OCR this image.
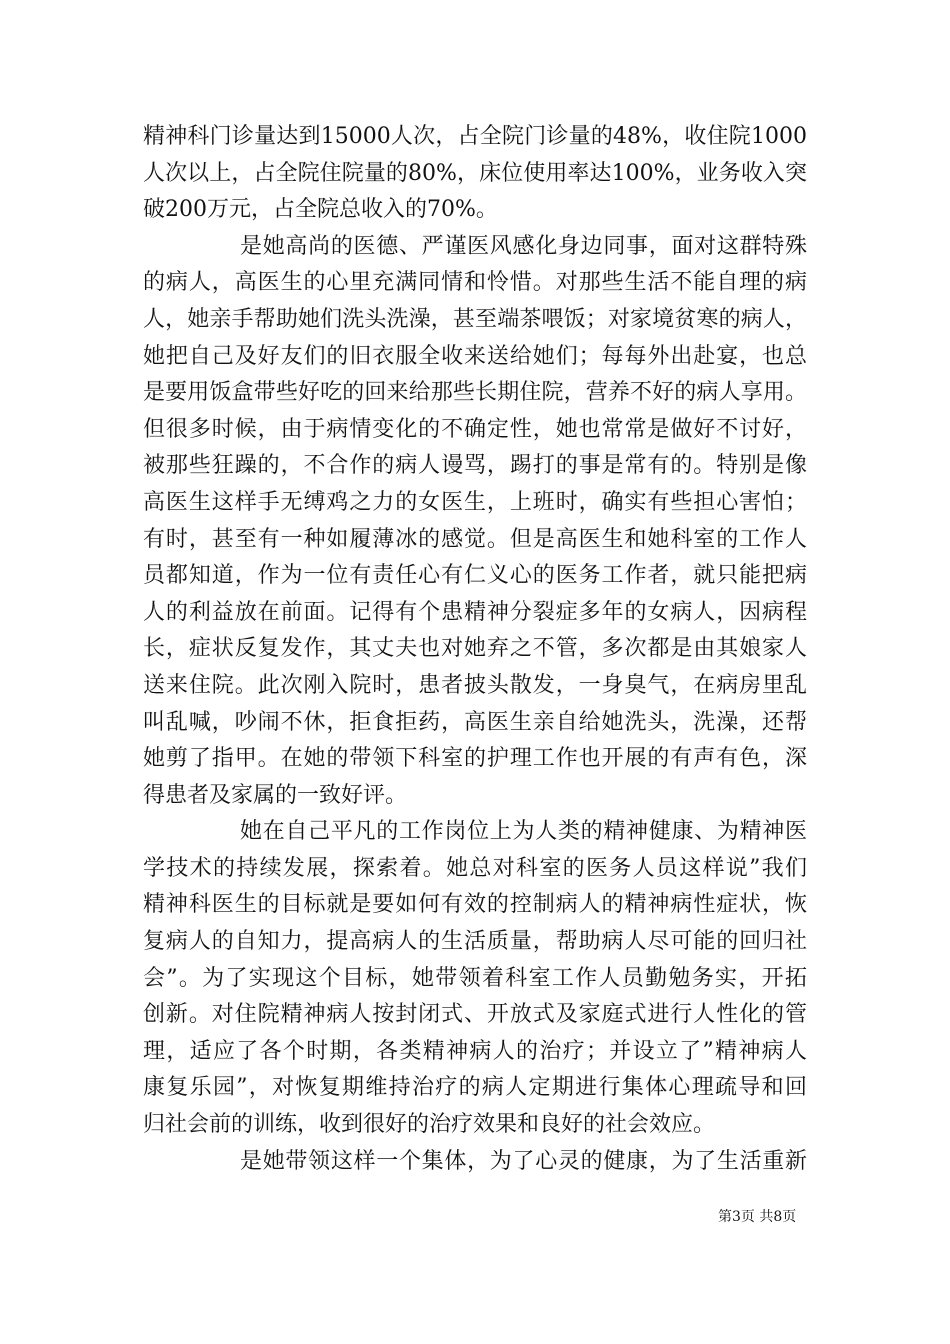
精神科门诊量达到15000人次，占全院门诊量的48%，收住院1000
人次以上，占全院住院量的80%，床位使用率达100%，业务收入突
破200万元，占全院总收入的70%。
是她高尚的医德、严谨医风感化身边同事，面对这群特殊
的病人，高医生的心里充满同情和怜惜。对那些生活不能自理的病
人，她亲手帮助她们洗头洗澡，甚至端茶喂饭；对家境贫寒的病人，
她把自己及好友们的旧衣服全收来送给她们；每每外出赴宴，也总
是要用饭盒带些好吃的回来给那些长期住院，营养不好的病人享用。
但很多时候，由于病情变化的不确定性，她也常常是做好不讨好，
被那些狂躁的，不合作的病人谩骂，踢打的事是常有的。特别是像
高医生这样手无缚鸡之力的女医生，上班时，确实有些担心害怕；
有时，甚至有一种如履薄冰的感觉。但是高医生和她科室的工作人
员都知道，作为一位有责任心有仁义心的医务工作者，就只能把病
人的利益放在前面。记得有个患精神分裂症多年的女病人，因病程
长，症状反复发作，其丈夫也对她弃之不管，多次都是由其娘家人
送来住院。此次刚入院时，患者披头散发，一身臭气，在病房里乱
叫乱喊，吵闹不休，拒食拒药，高医生亲自给她洗头，洗澡，还帮
她剪了指甲。在她的带领下科室的护理工作也开展的有声有色，深
得患者及家属的一致好评。
她在自己平凡的工作岗位上为人类的精神健康、为精神医
学技术的持续发展，探索着。她总对科室的医务人员这样说”我们
精神科医生的目标就是要如何有效的控制病人的精神病性症状，恢
复病人的自知力，提高病人的生活质量，帮助病人尽可能的回归社
会”。为了实现这个目标，她带领着科室工作人员勤勉务实，开拓
创新。对住院精神病人按封闭式、开放式及家庭式进行人性化的管
理，适应了各个时期，各类精神病人的治疗；并设立了”精神病人
康复乐园”，对恢复期维持治疗的病人定期进行集体心理疏导和回
归社会前的训练，收到很好的治疗效果和良好的社会效应。
是她带领这样一个集体，为了心灵的健康，为了生活重新
第3页 共8页
